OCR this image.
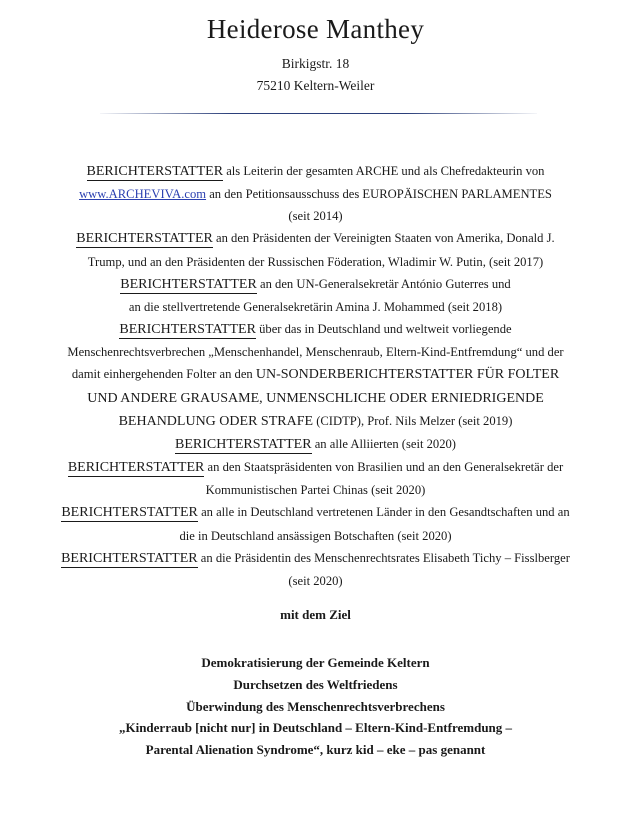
Heiderose Manthey
Birkigstr. 18
75210 Keltern-Weiler

BERICHTERSTATTER als Leiterin der gesamten ARCHE und als Chefredakteurin von

www.ARCHEVIVA.com an den Petitionsausschuss des EUROPÄISCHEN PARLAMENTES

(seit 2014)

BERICHTERSTATTER an den Präsidenten der Vereinigten Staaten von Amerika, Donald J.

Trump, und an den Präsidenten der Russischen Föderation, Wladimir W. Putin, (seit 2017)

BERICHTERSTATTER an den UN-Generalsekretär António Guterres und

an die stellvertretende Generalsekretärin Amina J. Mohammed (seit 2018)

BERICHTERSTATTER über das in Deutschland und weltweit vorliegende

Menschenrechtsverbrechen „Menschenhandel, Menschenraub, Eltern-Kind-Entfremdung“ und der

damit einhergehenden Folter an den UN-SONDERBERICHTERSTATTER FÜR FOLTER

UND ANDERE GRAUSAME, UNMENSCHLICHE ODER ERNIEDRIGENDE

BEHANDLUNG ODER STRAFE (CIDTP), Prof. Nils Melzer (seit 2019)

BERICHTERSTATTER an alle Alliierten (seit 2020)

BERICHTERSTATTER an den Staatspräsidenten von Brasilien und an den Generalsekretär der

Kommunistischen Partei Chinas (seit 2020)

BERICHTERSTATTER an alle in Deutschland vertretenen Länder in den Gesandtschaften und an

die in Deutschland ansässigen Botschaften (seit 2020)

BERICHTERSTATTER an die Präsidentin des Menschenrechtsrates Elisabeth Tichy – Fisslberger

(seit 2020)

mit dem Ziel

Demokratisierung der Gemeinde Keltern

Durchsetzen des Weltfriedens

Überwindung des Menschenrechtsverbrechens

„Kinderraub [nicht nur] in Deutschland – Eltern-Kind-Entfremdung –

Parental Alienation Syndrome“, kurz kid – eke – pas genannt
